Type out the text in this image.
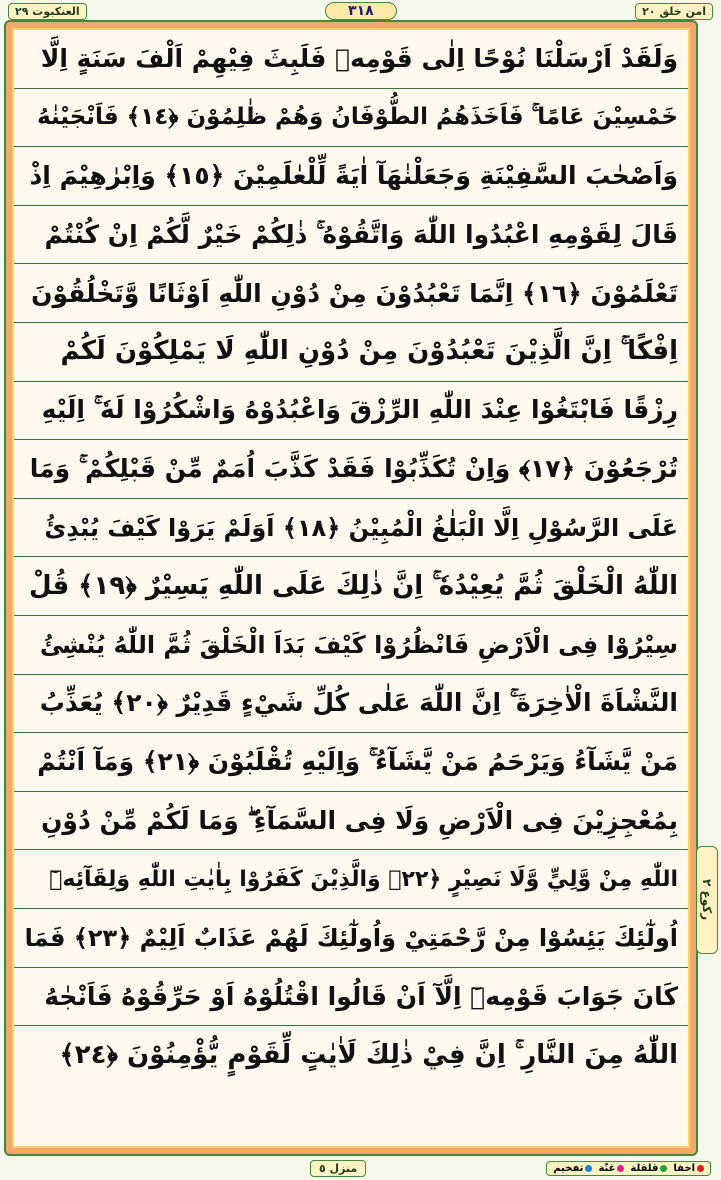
العنكبوت ٢٩	٣١٨	امن خلق ٢٠
وَلَقَدْ اَرْسَلْنَا نُوْحًا اِلٰى قَوْمِهٖ فَلَبِثَ فِيْهِمْ اَلْفَ سَنَةٍ اِلَّا
خَمْسِيْنَ عَامًا ۚ فَاَخَذَهُمُ الطُّوْفَانُ وَهُمْ ظٰلِمُوْنَ ﴿١٤﴾ فَاَنْجَيْنٰهُ
وَاَصْحٰبَ السَّفِيْنَةِ وَجَعَلْنٰهَآ اٰيَةً لِّلْعٰلَمِيْنَ ﴿١٥﴾ وَاِبْرٰهِيْمَ اِذْ
قَالَ لِقَوْمِهِ اعْبُدُوا اللّٰهَ وَاتَّقُوْهُ ۚ ذٰلِكُمْ خَيْرٌ لَّكُمْ اِنْ كُنْتُمْ
تَعْلَمُوْنَ ﴿١٦﴾ اِنَّمَا تَعْبُدُوْنَ مِنْ دُوْنِ اللّٰهِ اَوْثَانًا وَّتَخْلُقُوْنَ
اِفْكًا ۚ اِنَّ الَّذِيْنَ تَعْبُدُوْنَ مِنْ دُوْنِ اللّٰهِ لَا يَمْلِكُوْنَ لَكُمْ
رِزْقًا فَابْتَغُوْا عِنْدَ اللّٰهِ الرِّزْقَ وَاعْبُدُوْهُ وَاشْكُرُوْا لَهٗ ۚ اِلَيْهِ
تُرْجَعُوْنَ ﴿١٧﴾ وَاِنْ تُكَذِّبُوْا فَقَدْ كَذَّبَ اُمَمٌ مِّنْ قَبْلِكُمْ ۚ وَمَا
عَلَى الرَّسُوْلِ اِلَّا الْبَلٰغُ الْمُبِيْنُ ﴿١٨﴾ اَوَلَمْ يَرَوْا كَيْفَ يُبْدِئُ
اللّٰهُ الْخَلْقَ ثُمَّ يُعِيْدُهٗ ۚ اِنَّ ذٰلِكَ عَلَى اللّٰهِ يَسِيْرٌ ﴿١٩﴾ قُلْ
سِيْرُوْا فِى الْاَرْضِ فَانْظُرُوْا كَيْفَ بَدَاَ الْخَلْقَ ثُمَّ اللّٰهُ يُنْشِئُ
النَّشْاَةَ الْاٰخِرَةَ ۚ اِنَّ اللّٰهَ عَلٰى كُلِّ شَيْءٍ قَدِيْرٌ ﴿٢٠﴾ يُعَذِّبُ
مَنْ يَّشَآءُ وَيَرْحَمُ مَنْ يَّشَآءُ ۚ وَاِلَيْهِ تُقْلَبُوْنَ ﴿٢١﴾ وَمَآ اَنْتُمْ
بِمُعْجِزِيْنَ فِى الْاَرْضِ وَلَا فِى السَّمَآءِ ۖ وَمَا لَكُمْ مِّنْ دُوْنِ
اللّٰهِ مِنْ وَّلِيٍّ وَّلَا نَصِيْرٍ ﴿٢٢﴾ وَالَّذِيْنَ كَفَرُوْا بِاٰيٰتِ اللّٰهِ وَلِقَآئِهٖٓ
اُولٰٓئِكَ يَئِسُوْا مِنْ رَّحْمَتِيْ وَاُولٰٓئِكَ لَهُمْ عَذَابٌ اَلِيْمٌ ﴿٢٣﴾ فَمَا
كَانَ جَوَابَ قَوْمِهٖٓ اِلَّآ اَنْ قَالُوا اقْتُلُوْهُ اَوْ حَرِّقُوْهُ فَاَنْجٰهُ
اللّٰهُ مِنَ النَّارِ ۚ اِنَّ فِيْ ذٰلِكَ لَاٰيٰتٍ لِّقَوْمٍ يُّؤْمِنُوْنَ ﴿٢٤﴾
ركوع ٢
منزل ٥	اخفا
قلقلة
غنّة
تفخيم
